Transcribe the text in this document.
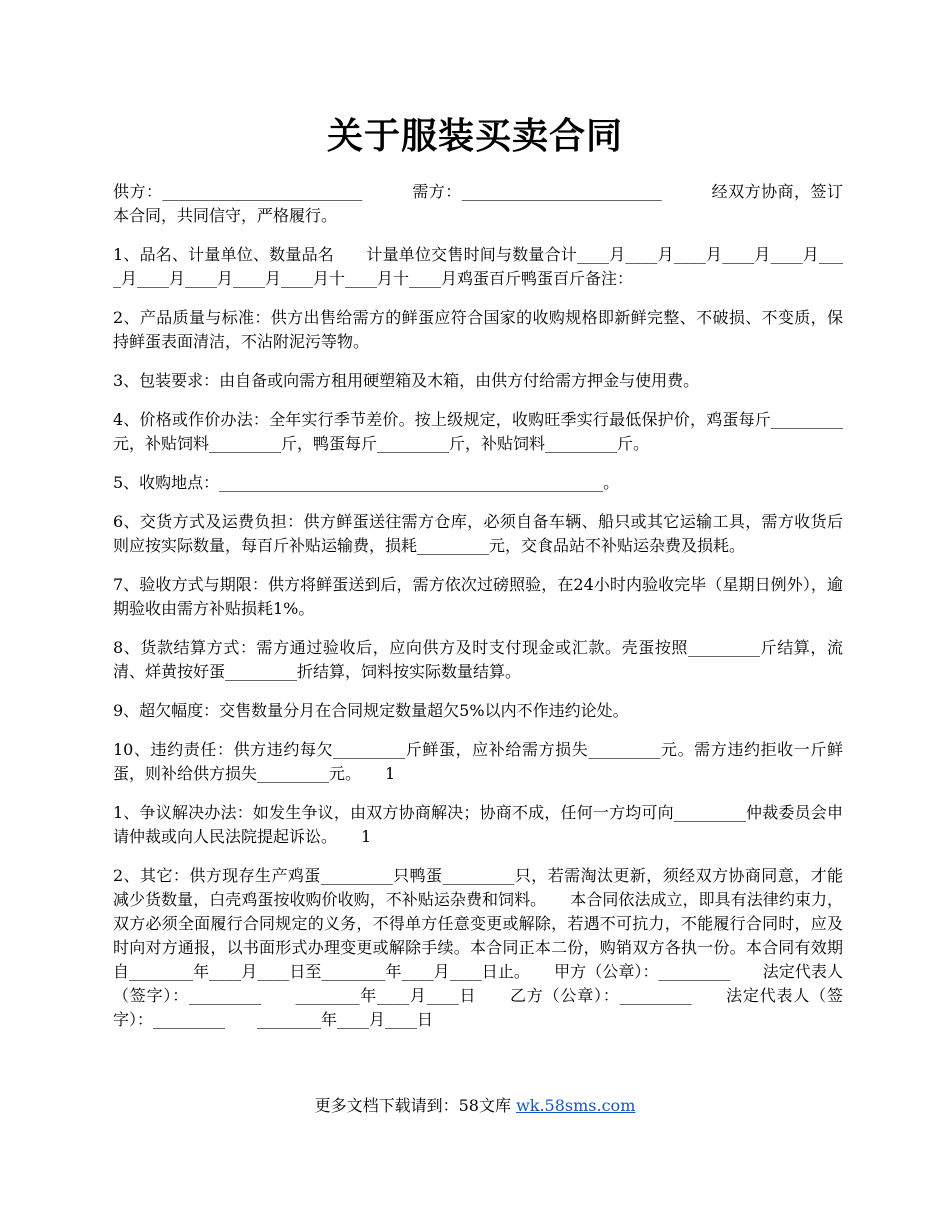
关于服装买卖合同

供方：_________________________　　　需方：_________________________　　　经双方协商，签订本合同，共同信守，严格履行。

1、品名、计量单位、数量品名　　计量单位交售时间与数量合计____月____月____月____月____月____月____月____月____月____月十____月十____月鸡蛋百斤鸭蛋百斤备注：

2、产品质量与标准：供方出售给需方的鲜蛋应符合国家的收购规格即新鲜完整、不破损、不变质，保持鲜蛋表面清洁，不沾附泥污等物。

3、包装要求：由自备或向需方租用硬塑箱及木箱，由供方付给需方押金与使用费。

4、价格或作价办法：全年实行季节差价。按上级规定，收购旺季实行最低保护价，鸡蛋每斤_________元，补贴饲料_________斤，鸭蛋每斤_________斤，补贴饲料_________斤。

5、收购地点：________________________________________________。

6、交货方式及运费负担：供方鲜蛋送往需方仓库，必须自备车辆、船只或其它运输工具，需方收货后则应按实际数量，每百斤补贴运输费，损耗_________元，交食品站不补贴运杂费及损耗。

7、验收方式与期限：供方将鲜蛋送到后，需方依次过磅照验，在24小时内验收完毕（星期日例外），逾期验收由需方补贴损耗1%。

8、货款结算方式：需方通过验收后，应向供方及时支付现金或汇款。壳蛋按照_________斤结算，流清、烊黄按好蛋_________折结算，饲料按实际数量结算。

9、超欠幅度：交售数量分月在合同规定数量超欠5%以内不作违约论处。

10、违约责任：供方违约每欠_________斤鲜蛋，应补给需方损失_________元。需方违约拒收一斤鲜蛋，则补给供方损失_________元。　　1

1、争议解决办法：如发生争议，由双方协商解决；协商不成，任何一方均可向_________仲裁委员会申请仲裁或向人民法院提起诉讼。　　1

2、其它：供方现存生产鸡蛋_________只鸭蛋_________只，若需淘汰更新，须经双方协商同意，才能减少货数量，白壳鸡蛋按收购价收购，不补贴运杂费和饲料。　　本合同依法成立，即具有法律约束力，双方必须全面履行合同规定的义务，不得单方任意变更或解除，若遇不可抗力，不能履行合同时，应及时向对方通报，以书面形式办理变更或解除手续。本合同正本二份，购销双方各执一份。本合同有效期自________年____月____日至________年____月____日止。　　甲方（公章）：_________　　法定代表人（签字）：_________　　________年____月____日　　乙方（公章）：_________　　法定代表人（签字）：_________　　________年____月____日

更多文档下载请到：58文库 wk.58sms.com
